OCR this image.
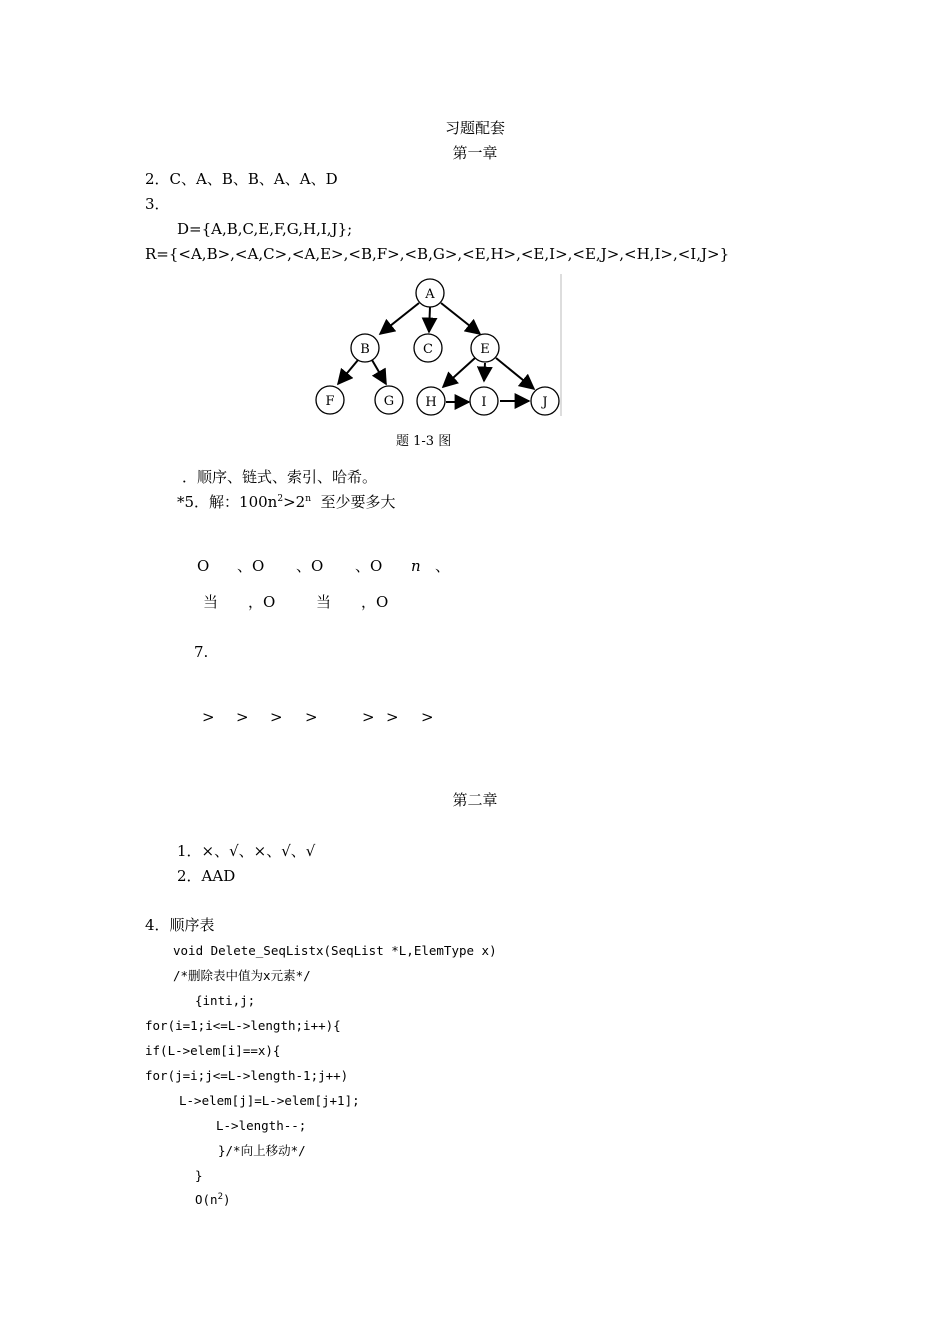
习题配套
第一章
2．C、A、B、B、A、A、D
3．
D={A,B,C,E,F,G,H,I,J};
R={<A,B>,<A,C>,<A,E>,<B,F>,<B,G>,<E,H>,<E,I>,<E,J>,<H,I>,<I,J>}
A
B	C	E
F	G H	I	J
题 1-3 图
．顺序、链式、索引、哈希。
*5．解：$100n^2>2^n$  至少要多大
O 、O 、O 、O n 、
当 ，O	当 ，O
7.
> > > >	> > >
第二章
1．×、√、×、√、√
2．AAD
4．顺序表
void Delete_SeqListx(SeqList *L,ElemType x)
/*删除表中值为x元素*/
{inti,j;
for(i=1;i<=L->length;i++){
if(L->elem[i]==x){
for(j=i;j<=L->length-1;j++)
L->elem[j]=L->elem[j+1];
L->length--;
}/*向上移动*/
}
$O(n^2)$
